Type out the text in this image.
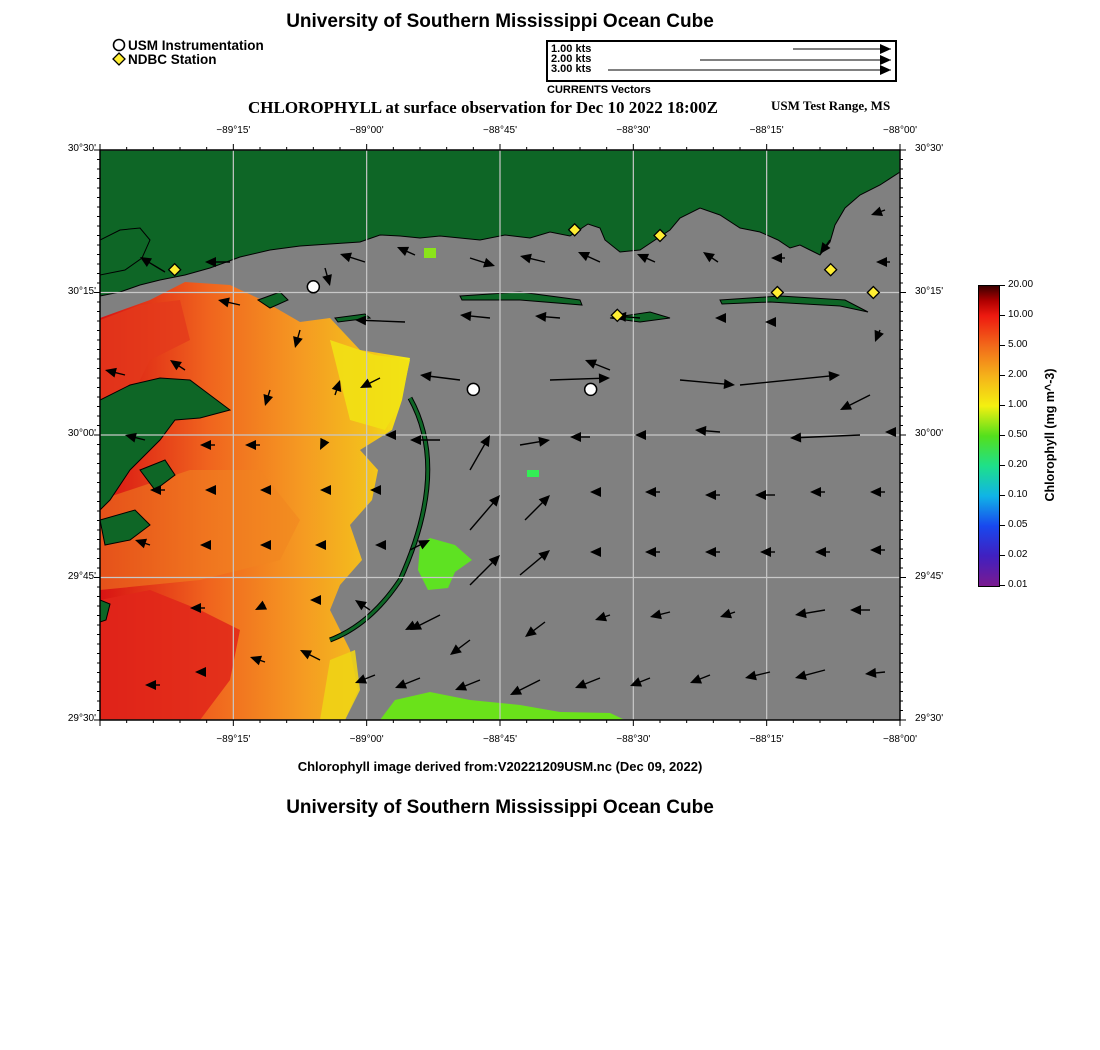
University of Southern Mississippi Ocean Cube
USM Instrumentation
NDBC Station
1.00 kts
2.00 kts
3.00 kts
CURRENTS Vectors
CHLOROPHYLL at surface observation for Dec 10 2022 18:00Z	USM Test Range, MS
−89°15'	−89°00'	−88°45'	−88°30'	−88°15'	−88°00'
−89°15'	−89°00'	−88°45'	−88°30'	−88°15'	−88°00'
30°30'
30°15'
30°00'
29°45'
29°30'
30°30'
30°15'
30°00'
29°45'
29°30'
20.00
10.00
5.00
2.00
1.00
0.50
0.20
0.10
0.05
0.02
0.01
Chlorophyll (mg m^-3)
Chlorophyll image derived from:V20221209USM.nc (Dec 09, 2022)
University of Southern Mississippi Ocean Cube
